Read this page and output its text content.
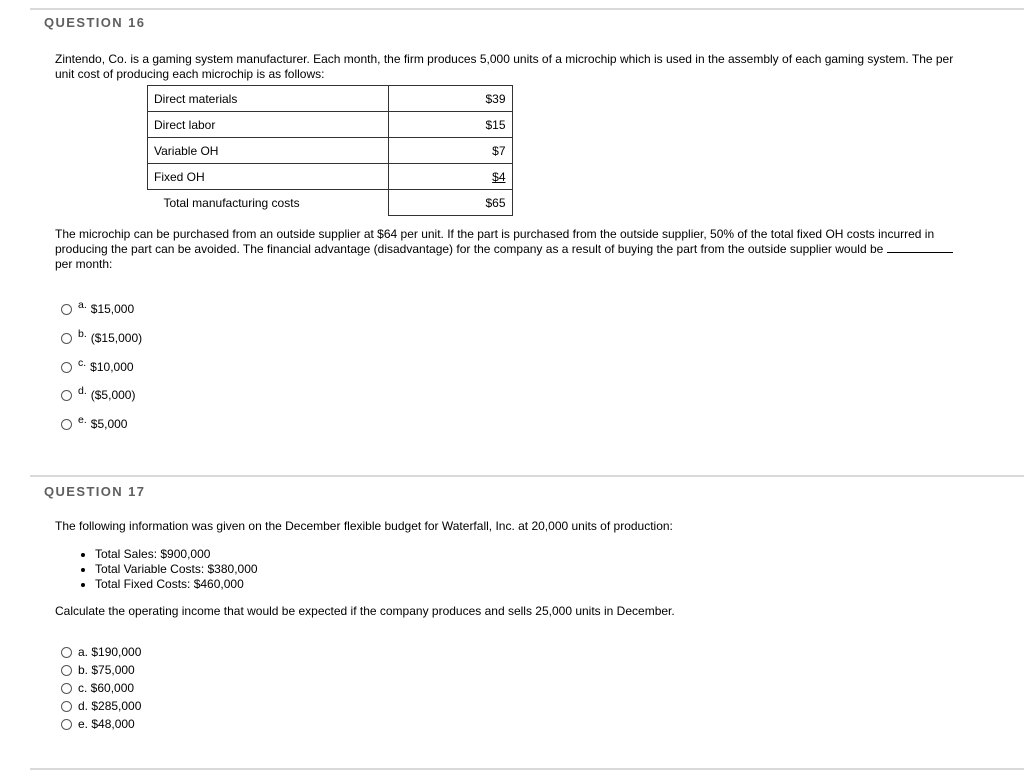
QUESTION 16
Zintendo, Co. is a gaming system manufacturer. Each month, the firm produces 5,000 units of a microchip which is used in the assembly of each gaming system. The per unit cost of producing each microchip is as follows:
Direct materials	$39
Direct labor	$15
Variable OH	$7
Fixed OH	$4
Total manufacturing costs	$65
The microchip can be purchased from an outside supplier at $64 per unit. If the part is purchased from the outside supplier, 50% of the total fixed OH costs incurred in producing the part can be avoided. The financial advantage (disadvantage) for the company as a result of buying the part from the outside supplier would be
per month:
a. $15,000
b. ($15,000)
c. $10,000
d. ($5,000)
e. $5,000
QUESTION 17
The following information was given on the December flexible budget for Waterfall, Inc. at 20,000 units of production:
• Total Sales: $900,000
• Total Variable Costs: $380,000
• Total Fixed Costs: $460,000
Calculate the operating income that would be expected if the company produces and sells 25,000 units in December.
a. $190,000
b. $75,000
c. $60,000
d. $285,000
e. $48,000
